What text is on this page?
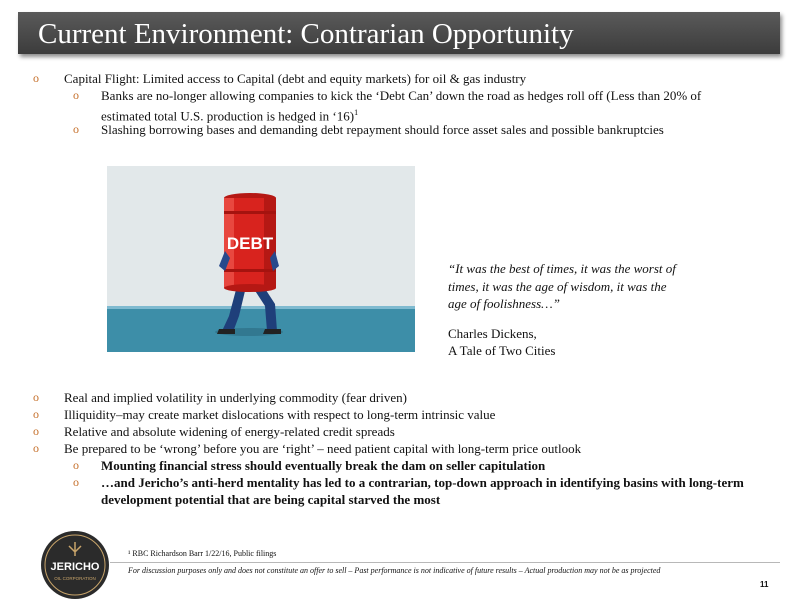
Current Environment: Contrarian Opportunity
o Capital Flight: Limited access to Capital (debt and equity markets) for oil & gas industry
o Banks are no-longer allowing companies to kick the ‘Debt Can’ down the road as hedges roll off (Less than 20% of
estimated total U.S. production is hedged in ‘16)$^1$
o Slashing borrowing bases and demanding debt repayment should force asset sales and possible bankruptcies
DEBT
“It was the best of times, it was the worst of
times, it was the age of wisdom, it was the
age of foolishness…”
Charles Dickens,
A Tale of Two Cities
o Real and implied volatility in underlying commodity (fear driven)
o Illiquidity–may create market dislocations with respect to long-term intrinsic value
o Relative and absolute widening of energy-related credit spreads
o Be prepared to be ‘wrong’ before you are ‘right’ – need patient capital with long-term price outlook
o Mounting financial stress should eventually break the dam on seller capitulation
o …and Jericho’s anti-herd mentality has led to a contrarian, top-down approach in identifying basins with long-term
development potential that are being capital starved the most
JERICHO
OIL CORPORATION
¹ RBC Richardson Barr 1/22/16, Public filings
For discussion purposes only and does not constitute an offer to sell – Past performance is not indicative of future results – Actual production may not be as projected
11
